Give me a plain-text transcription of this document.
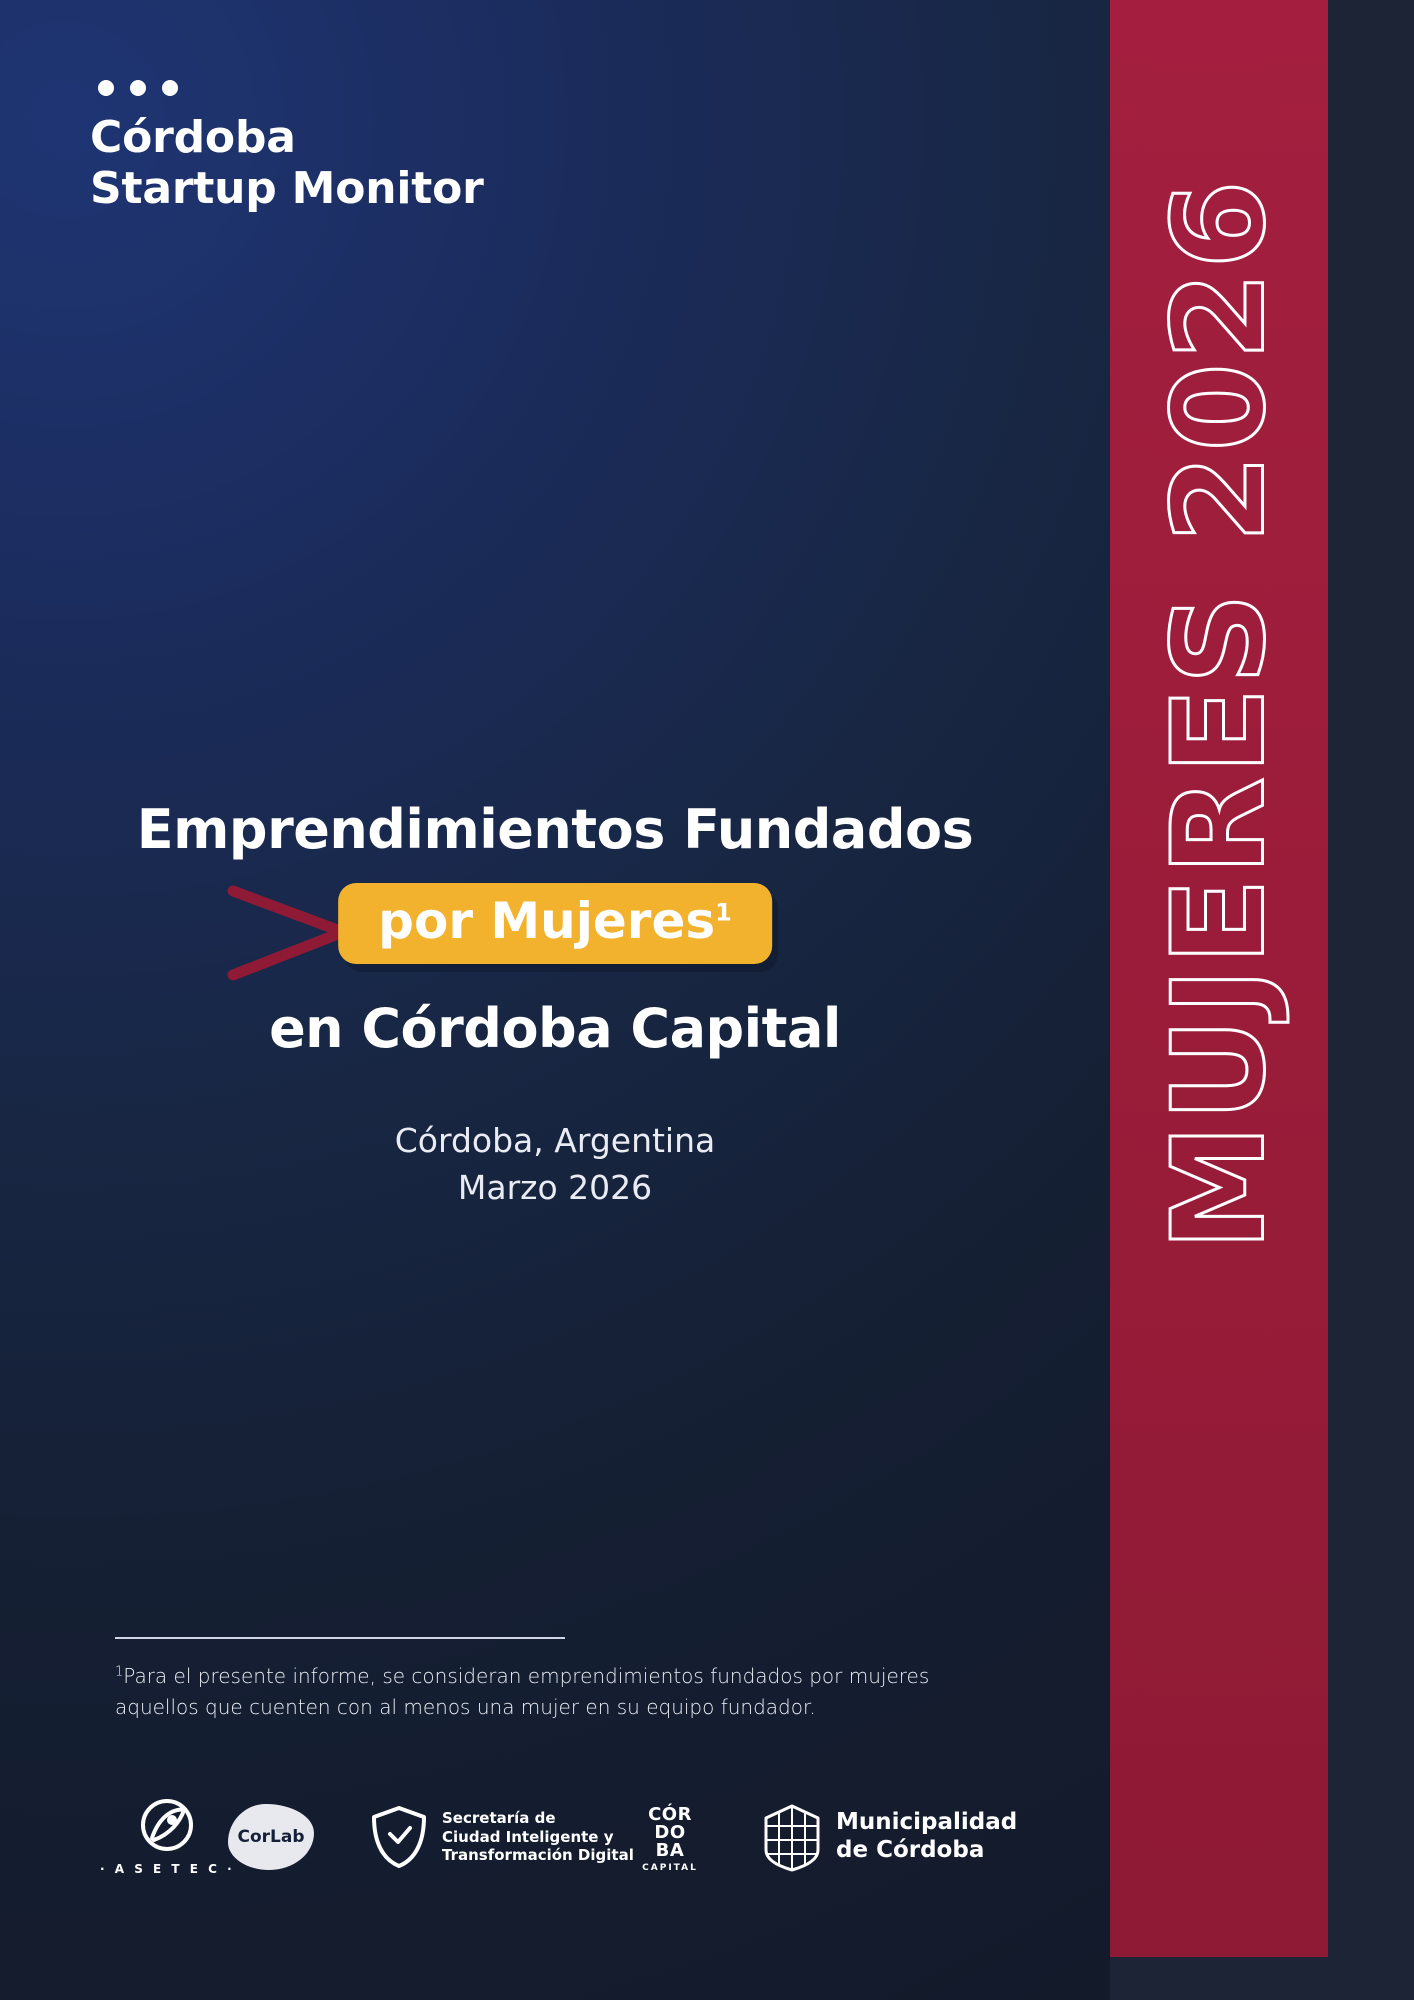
Córdoba
Startup Monitor
Emprendimientos Fundados
por Mujeres$^1$
en Córdoba Capital
Córdoba, Argentina
Marzo 2026

$^1$Para el presente informe, se consideran emprendimientos fundados por mujeres aquellos que cuenten con al menos una mujer en su equipo fundador.

· A S E T E C ·
CorLab
Secretaría de
Ciudad Inteligente y
Transformación Digital
CÓR
DO
BA
CAPITAL
Municipalidad
de Córdoba
